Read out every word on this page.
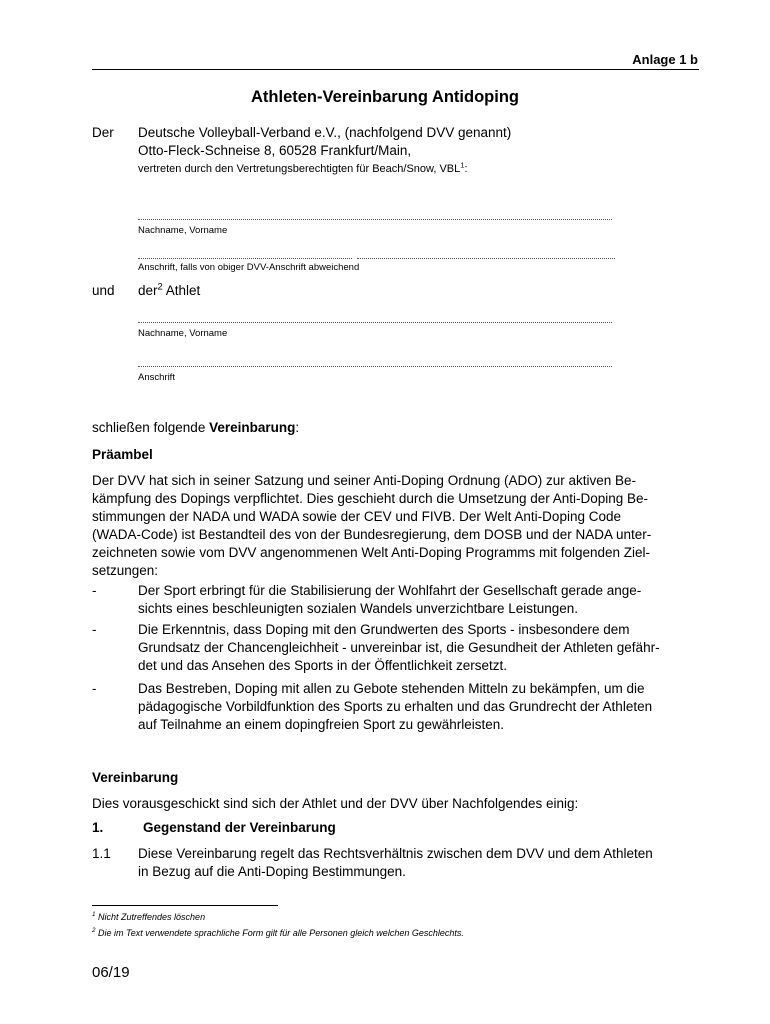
Anlage 1 b
Athleten-Vereinbarung Antidoping
Der Deutsche Volleyball-Verband e.V., (nachfolgend DVV genannt)
Otto-Fleck-Schneise 8, 60528 Frankfurt/Main,
vertreten durch den Vertretungsberechtigten für Beach/Snow, VBL$^1$:
Nachname, Vorname
Anschrift, falls von obiger DVV-Anschrift abweichend
und der$^2$ Athlet
Nachname, Vorname
Anschrift
schließen folgende Vereinbarung:
Präambel
Der DVV hat sich in seiner Satzung und seiner Anti-Doping Ordnung (ADO) zur aktiven Be-
kämpfung des Dopings verpflichtet. Dies geschieht durch die Umsetzung der Anti-Doping Be-
stimmungen der NADA und WADA sowie der CEV und FIVB. Der Welt Anti-Doping Code
(WADA-Code) ist Bestandteil des von der Bundesregierung, dem DOSB und der NADA unter-
zeichneten sowie vom DVV angenommenen Welt Anti-Doping Programms mit folgenden Ziel-
setzungen:
-	Der Sport erbringt für die Stabilisierung der Wohlfahrt der Gesellschaft gerade ange-
sichts eines beschleunigten sozialen Wandels unverzichtbare Leistungen.
-	Die Erkenntnis, dass Doping mit den Grundwerten des Sports - insbesondere dem
Grundsatz der Chancengleichheit - unvereinbar ist, die Gesundheit der Athleten gefähr-
det und das Ansehen des Sports in der Öffentlichkeit zersetzt.
-	Das Bestreben, Doping mit allen zu Gebote stehenden Mitteln zu bekämpfen, um die
pädagogische Vorbildfunktion des Sports zu erhalten und das Grundrecht der Athleten
auf Teilnahme an einem dopingfreien Sport zu gewährleisten.
Vereinbarung
Dies vorausgeschickt sind sich der Athlet und der DVV über Nachfolgendes einig:
1.	Gegenstand der Vereinbarung
1.1 Diese Vereinbarung regelt das Rechtsverhältnis zwischen dem DVV und dem Athleten
in Bezug auf die Anti-Doping Bestimmungen.
$^1$ Nicht Zutreffendes löschen
$^2$ Die im Text verwendete sprachliche Form gilt für alle Personen gleich welchen Geschlechts.
06/19
